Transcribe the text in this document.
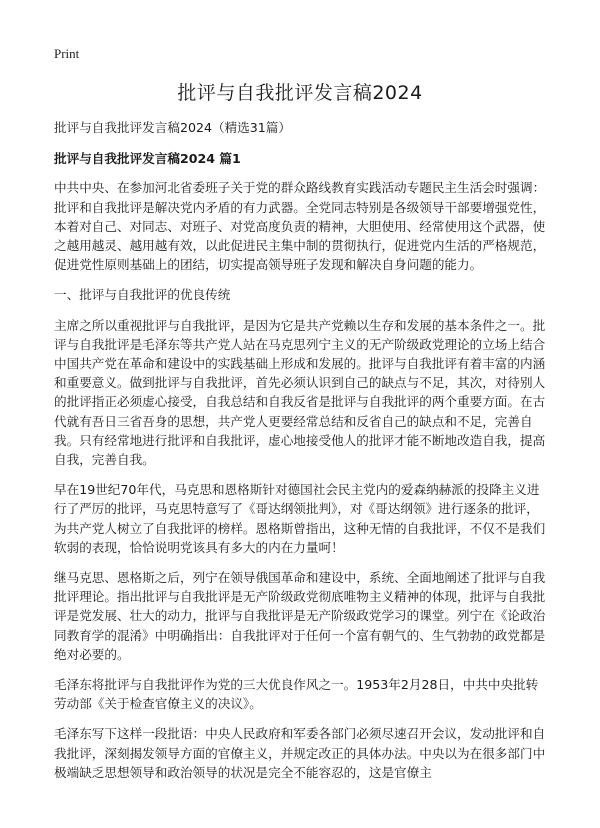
Print
批评与自我批评发言稿2024

批评与自我批评发言稿2024（精选31篇）

批评与自我批评发言稿2024 篇1

中共中央、在参加河北省委班子关于党的群众路线教育实践活动专题民主生活会时强调：批评和自我批评是解决党内矛盾的有力武器。全党同志特别是各级领导干部要增强党性，本着对自己、对同志、对班子、对党高度负责的精神，大胆使用、经常使用这个武器，使之越用越灵、越用越有效，以此促进民主集中制的贯彻执行，促进党内生活的严格规范，促进党性原则基础上的团结，切实提高领导班子发现和解决自身问题的能力。

一、批评与自我批评的优良传统

主席之所以重视批评与自我批评，是因为它是共产党赖以生存和发展的基本条件之一。批评与自我批评是毛泽东等共产党人站在马克思列宁主义的无产阶级政党理论的立场上结合中国共产党在革命和建设中的实践基础上形成和发展的。批评与自我批评有着丰富的内涵和重要意义。做到批评与自我批评，首先必须认识到自己的缺点与不足，其次，对待别人的批评指正必须虚心接受，自我总结和自我反省是批评与自我批评的两个重要方面。在古代就有吾日三省吾身的思想，共产党人更要经常总结和反省自己的缺点和不足，完善自我。只有经常地进行批评和自我批评，虚心地接受他人的批评才能不断地改造自我，提高自我，完善自我。

早在19世纪70年代，马克思和恩格斯针对德国社会民主党内的爱森纳赫派的投降主义进行了严厉的批评，马克思特意写了《哥达纲领批判》，对《哥达纲领》进行逐条的批评，为共产党人树立了自我批评的榜样。恩格斯曾指出，这种无情的自我批评，不仅不是我们软弱的表现，恰恰说明党该具有多大的内在力量呵！

继马克思、恩格斯之后，列宁在领导俄国革命和建设中，系统、全面地阐述了批评与自我批评理论。指出批评与自我批评是无产阶级政党彻底唯物主义精神的体现，批评与自我批评是党发展、壮大的动力，批评与自我批评是无产阶级政党学习的课堂。列宁在《论政治同教育学的混淆》中明确指出：自我批评对于任何一个富有朝气的、生气勃勃的政党都是绝对必要的。

毛泽东将批评与自我批评作为党的三大优良作风之一。1953年2月28日，中共中央批转劳动部《关于检查官僚主义的决议》。

毛泽东写下这样一段批语：中央人民政府和军委各部门必须尽速召开会议，发动批评和自我批评，深刻揭发领导方面的官僚主义，并规定改正的具体办法。中央以为在很多部门中极端缺乏思想领导和政治领导的状况是完全不能容忍的，这是官僚主
